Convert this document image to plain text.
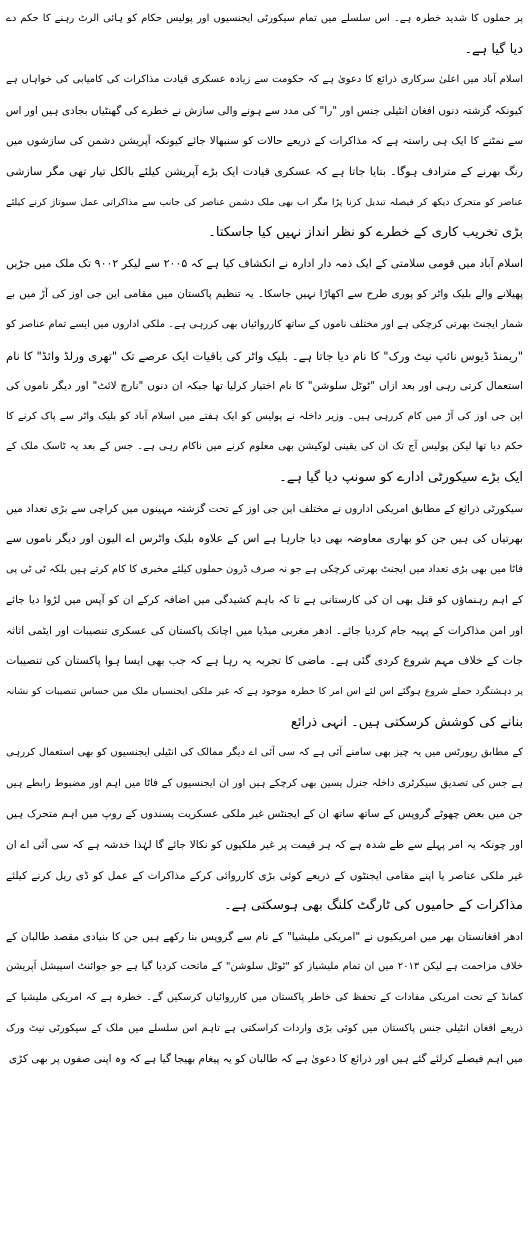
پر حملوں کا شدید خطرہ ہے۔ اس سلسلے میں تمام سیکورٹی ایجنسیوں اور پولیس حکام کو ہائی الرٹ رہنے کا حکم دے
دیا گیا ہے۔
اسلام آباد میں اعلیٰ سرکاری ذرائع کا دعویٰ ہے کہ حکومت سے زیادہ عسکری قیادت مذاکرات کی کامیابی کی خواہاں ہے
کیونکہ گزشتہ دنوں افغان انٹیلی جنس اور "را" کی مدد سے ہونے والی سازش نے خطرے کی گھنٹیاں بجادی ہیں اور اس
سے نمٹنے کا ایک ہی راستہ ہے کہ مذاکرات کے ذریعے حالات کو سنبھالا جائے کیونکہ آپریشن دشمن کی سازشوں میں
رنگ بھرنے کے مترادف ہوگا۔ بتایا جاتا ہے کہ عسکری قیادت ایک بڑے آپریشن کیلئے بالکل تیار تھی مگر سازشی
عناصر کو متحرک دیکھ کر فیصلہ تبدیل کرنا پڑا مگر اب بھی ملک دشمن عناصر کی جانب سے مذاکراتی عمل سبوتاژ کرنے کیلئے
بڑی تخریب کاری کے خطرے کو نظر انداز نہیں کیا جاسکتا۔
اسلام آباد میں قومی سلامتی کے ایک ذمہ دار ادارہ نے انکشاف کیا ہے کہ ۲۰۰۵ سے لیکر ۹۰۰۲ تک ملک میں جڑیں
پھیلانے والے بلیک واٹر کو پوری طرح سے اکھاڑا نہیں جاسکا۔ یہ تنظیم پاکستان میں مقامی این جی اوز کی آڑ میں بے
شمار ایجنٹ بھرتی کرچکی ہے اور مختلف ناموں کے ساتھ کارروائیاں بھی کررہی ہے۔ ملکی اداروں میں ایسے تمام عناصر کو
"ریمنڈ ڈیوس نائپ نیٹ ورک" کا نام دیا جاتا ہے۔ بلیک واٹر کی باقیات ایک عرصے تک "تھری ورلڈ وائڈ" کا نام
استعمال کرتی رہی اور بعد ازاں "ٹوٹل سلوشن" کا نام اختیار کرلیا تھا جبکہ ان دنوں "نارچ لائٹ" اور دیگر ناموں کی
این جی اوز کی آڑ میں کام کررہی ہیں۔ وزیر داخلہ نے پولیس کو ایک ہفتے میں اسلام آباد کو بلیک واٹر سے پاک کرنے کا
حکم دیا تھا لیکن پولیس آج تک ان کی یقینی لوکیشن بھی معلوم کرنے میں ناکام رہی ہے۔ جس کے بعد یہ ٹاسک ملک کے
ایک بڑے سیکورٹی ادارے کو سونپ دیا گیا ہے۔
سیکورٹی ذرائع کے مطابق امریکی اداروں نے مختلف این جی اوز کے تحت گزشتہ مہینوں میں کراچی سے بڑی تعداد میں
بھرتیاں کی ہیں جن کو بھاری معاوضہ بھی دیا جارہا ہے اس کے علاوہ بلیک واٹرس اے الیون اور دیگر ناموں سے
فاٹا میں بھی بڑی تعداد میں ایجنٹ بھرتی کرچکی ہے جو نہ صرف ڈرون حملوں کیلئے مخبری کا کام کرتے ہیں بلکہ ٹی ٹی پی
کے اہم رہنماؤں کو قتل بھی ان کی کارستانی ہے تا کہ باہم کشیدگی میں اضافہ کرکے ان کو آپس میں لڑوا دیا جائے
اور امن مذاکرات کے پہیہ جام کردیا جائے۔ ادھر مغربی میڈیا میں اچانک پاکستان کی عسکری تنصیبات اور ایٹمی اثاثہ
جات کے خلاف مہم شروع کردی گئی ہے۔ ماضی کا تجربہ یہ رہا ہے کہ جب بھی ایسا ہوا پاکستان کی تنصیبات
پر دہشتگرد حملے شروع ہوگئے اس لئے اس امر کا خطرہ موجود ہے کہ غیر ملکی ایجنسیاں ملک میں حساس تنصیبات کو نشانہ
بنانے کی کوشش کرسکتی ہیں۔ انہی ذرائع
کے مطابق رپورٹس میں یہ چیز بھی سامنے آئی ہے کہ سی آئی اے دیگر ممالک کی انٹیلی ایجنسیوں کو بھی استعمال کررہی
ہے جس کی تصدیق سیکرٹری داخلہ جنرل یسین بھی کرچکے ہیں اور ان ایجنسیوں کے فاٹا میں اہم اور مضبوط رابطے ہیں
جن میں بعض چھوٹے گروپس کے ساتھ ساتھ ان کے ایجنٹس غیر ملکی عسکریت پسندوں کے روپ میں اہم متحرک ہیں
اور چونکہ یہ امر پہلے سے طے شدہ ہے کہ ہر قیمت پر غیر ملکیوں کو نکالا جائے گا لہٰذا خدشہ ہے کہ سی آئی اے ان
غیر ملکی عناصر یا اپنے مقامی ایجنٹوں کے ذریعے کوئی بڑی کارروائی کرکے مذاکرات کے عمل کو ڈی ریل کرنے کیلئے
مذاکرات کے حامیوں کی ٹارگٹ کلنگ بھی ہوسکتی ہے۔
ادھر افغانستان بھر میں امریکیوں نے "امریکی ملیشیا" کے نام سے گروپس بنا رکھے ہیں جن کا بنیادی مقصد طالبان کے
خلاف مزاحمت ہے لیکن ۲۰۱۳ میں ان تمام ملیشیاز کو "ٹوٹل سلوشن" کے ماتحت کردیا گیا ہے جو جوائنٹ اسپیشل آپریشن
کمانڈ کے تحت امریکی مفادات کے تحفظ کی خاطر پاکستان میں کارروائیاں کرسکیں گے۔ خطرہ ہے کہ امریکی ملیشیا کے
ذریعے افغان انٹیلی جنس پاکستان میں کوئی بڑی واردات کراسکتی ہے تاہم اس سلسلے میں ملک کے سیکورٹی نیٹ ورک
میں اہم فیصلے کرلئے گئے ہیں اور ذرائع کا دعویٰ ہے کہ طالبان کو یہ پیغام بھیجا گیا ہے کہ وہ اپنی صفوں پر بھی کڑی
